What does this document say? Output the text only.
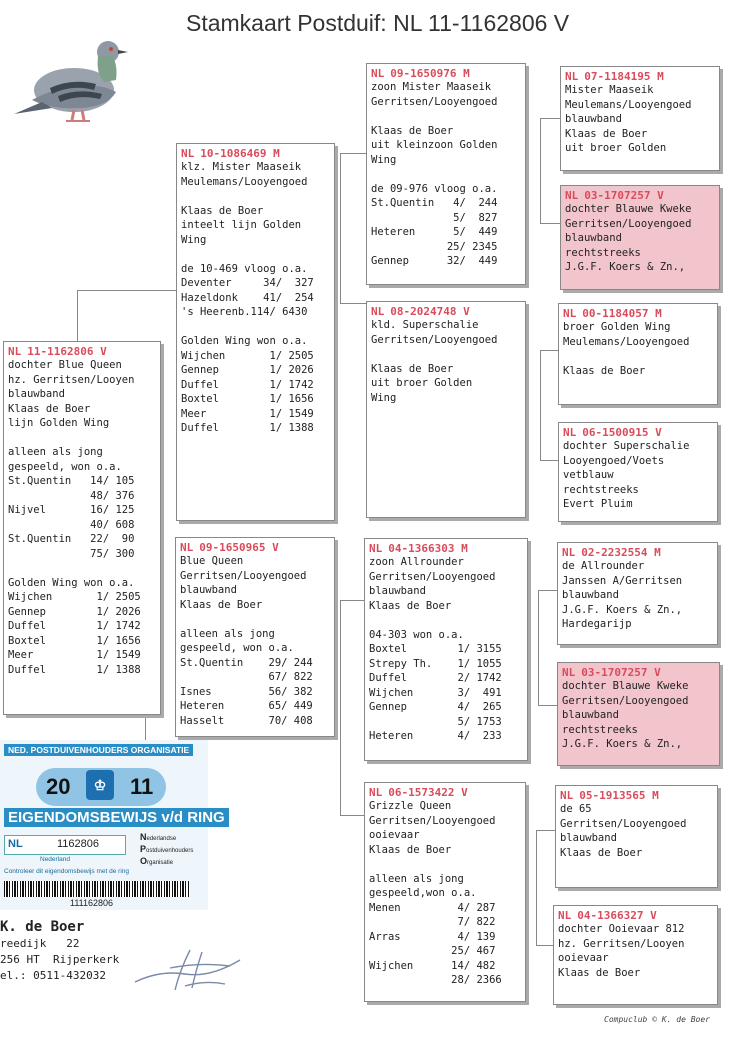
Stamkaart Postduif: NL 11-1162806 V
NL 11-1162806 V
dochter Blue Queen
hz. Gerritsen/Looyen
blauwband
Klaas de Boer
lijn Golden Wing

alleen als jong
gespeeld, won o.a.
St.Quentin   14/ 105
48/ 376
Nijvel       16/ 125
40/ 608
St.Quentin   22/  90
75/ 300

Golden Wing won o.a.
Wijchen       1/ 2505
Gennep        1/ 2026
Duffel        1/ 1742
Boxtel        1/ 1656
Meer          1/ 1549
Duffel        1/ 1388
NL 10-1086469 M
klz. Mister Maaseik
Meulemans/Looyengoed

Klaas de Boer
inteelt lijn Golden
Wing

de 10-469 vloog o.a.
Deventer     34/  327
Hazeldonk    41/  254
's Heerenb.114/ 6430

Golden Wing won o.a.
Wijchen       1/ 2505
Gennep        1/ 2026
Duffel        1/ 1742
Boxtel        1/ 1656
Meer          1/ 1549
Duffel        1/ 1388
NL 09-1650965 V
Blue Queen
Gerritsen/Looyengoed
blauwband
Klaas de Boer

alleen als jong
gespeeld, won o.a.
St.Quentin    29/ 244
67/ 822
Isnes         56/ 382
Heteren       65/ 449
Hasselt       70/ 408
NL 09-1650976 M
zoon Mister Maaseik
Gerritsen/Looyengoed

Klaas de Boer
uit kleinzoon Golden
Wing

de 09-976 vloog o.a.
St.Quentin   4/  244
5/  827
Heteren      5/  449
25/ 2345
Gennep      32/  449
NL 08-2024748 V
kld. Superschalie
Gerritsen/Looyengoed

Klaas de Boer
uit broer Golden
Wing
NL 04-1366303 M
zoon Allrounder
Gerritsen/Looyengoed
blauwband
Klaas de Boer

04-303 won o.a.
Boxtel        1/ 3155
Strepy Th.    1/ 1055
Duffel        2/ 1742
Wijchen       3/  491
Gennep        4/  265
5/ 1753
Heteren       4/  233
NL 06-1573422 V
Grizzle Queen
Gerritsen/Looyengoed
ooievaar
Klaas de Boer

alleen als jong
gespeeld,won o.a.
Menen         4/ 287
7/ 822
Arras         4/ 139
25/ 467
Wijchen      14/ 482
28/ 2366
NL 07-1184195 M
Mister Maaseik
Meulemans/Looyengoed
blauwband
Klaas de Boer
uit broer Golden
NL 03-1707257 V
dochter Blauwe Kweke
Gerritsen/Looyengoed
blauwband
rechtstreeks
J.G.F. Koers & Zn.,
NL 00-1184057 M
broer Golden Wing
Meulemans/Looyengoed

Klaas de Boer
NL 06-1500915 V
dochter Superschalie
Looyengoed/Voets
vetblauw
rechtstreeks
Evert Pluim
NL 02-2232554 M
de Allrounder
Janssen A/Gerritsen
blauwband
J.G.F. Koers & Zn.,
Hardegarijp
NL 03-1707257 V
dochter Blauwe Kweke
Gerritsen/Looyengoed
blauwband
rechtstreeks
J.G.F. Koers & Zn.,
NL 05-1913565 M
de 65
Gerritsen/Looyengoed
blauwband
Klaas de Boer
NL 04-1366327 V
dochter Ooievaar 812
hz. Gerritsen/Looyen
ooievaar
Klaas de Boer
NED. POSTDUIVENHOUDERS ORGANISATIE
20	♔	11
EIGENDOMSBEWIJS v/d RING
NL	1162806
Nederland
Controleer dit eigendomsbewijs met de ring
Nederlandse
Postduivenhouders
Organisatie
111162806
K. de Boer
reedijk   22
256 HT  Rijperkerk
el.: 0511-432032
Compuclub © K. de Boer
